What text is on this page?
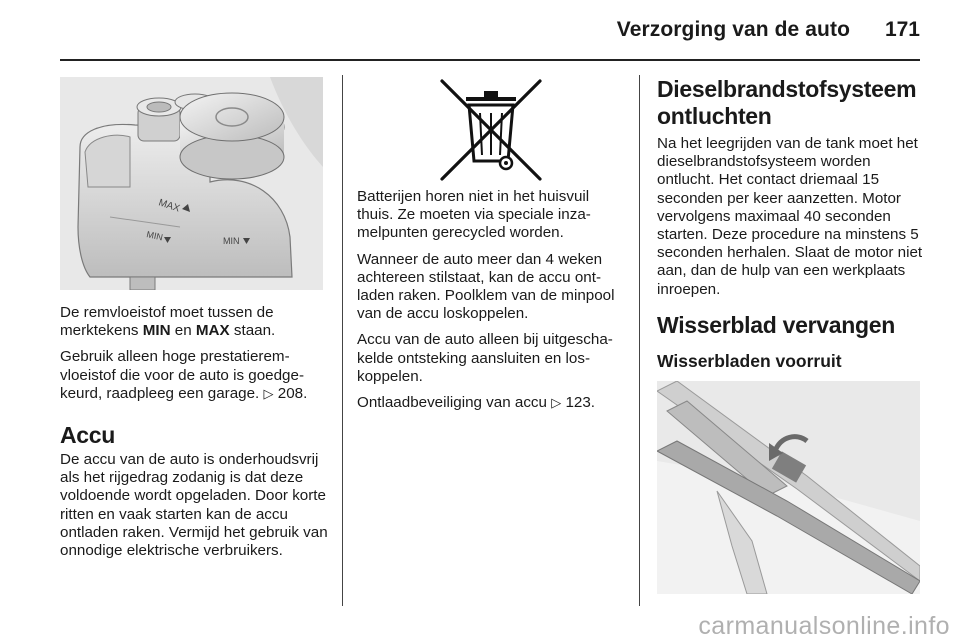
Verzorging van de auto	171
MAX
MIN	MIN

De remvloeistof moet tussen de merktekens MIN en MAX staan.

Gebruik alleen hoge prestatieremvloeistof die voor de auto is goedgekeurd, raadpleeg een garage. ▷ 208.

Accu

De accu van de auto is onderhoudsvrij als het rijgedrag zodanig is dat deze voldoende wordt opgeladen. Door korte ritten en vaak starten kan de accu ontladen raken. Vermijd het gebruik van onnodige elektrische verbruikers.

Batterijen horen niet in het huisvuil thuis. Ze moeten via speciale inzamelpunten gerecycled worden.

Wanneer de auto meer dan 4 weken achtereen stilstaat, kan de accu ontladen raken. Poolklem van de minpool van de accu loskoppelen.

Accu van de auto alleen bij uitgeschakelde ontsteking aansluiten en loskoppelen.

Ontlaadbeveiliging van accu ▷ 123.

Dieselbrandstofsysteem ontluchten

Na het leegrijden van de tank moet het dieselbrandstofsysteem worden ontlucht. Het contact driemaal 15 seconden per keer aanzetten. Motor vervolgens maximaal 40 seconden starten. Deze procedure na minstens 5 seconden herhalen. Slaat de motor niet aan, dan de hulp van een werkplaats inroepen.

Wisserblad vervangen
Wisserbladen voorruit
carmanualsonline.info
